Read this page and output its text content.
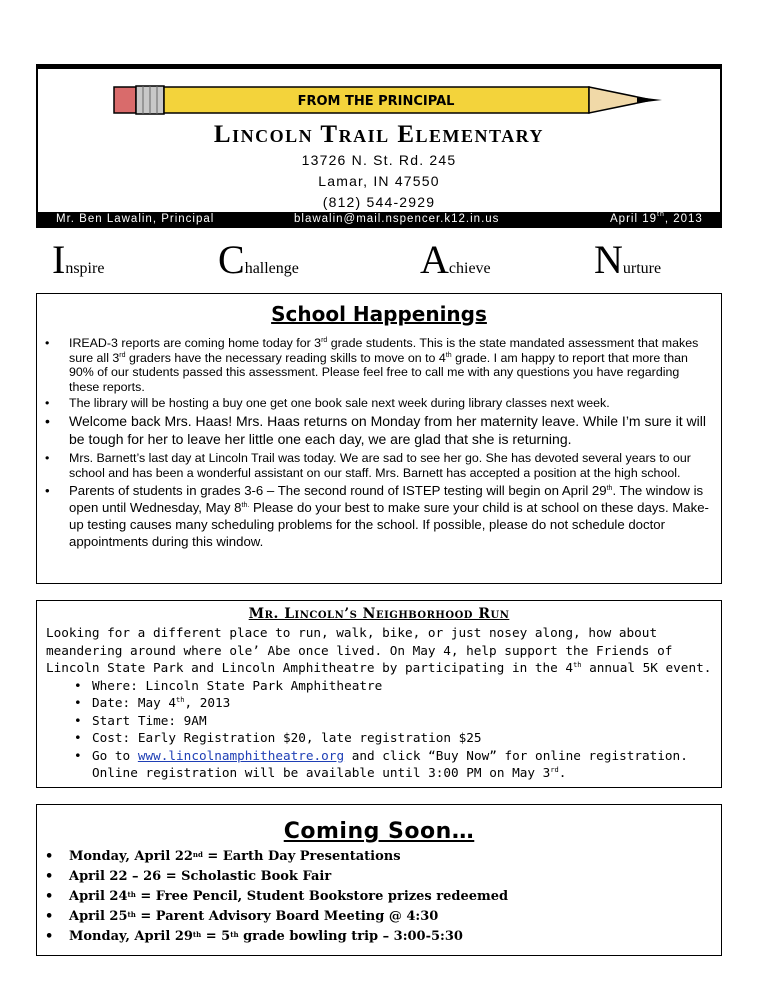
FROM THE PRINCIPAL
Lincoln Trail Elementary
13726 N. St. Rd. 245
Lamar, IN 47550
(812) 544-2929
Mr. Ben Lawalin, Principal	blawalin@mail.nspencer.k12.in.us	April 19th, 2013
Inspire	Challenge	Achieve	Nurture
School Happenings
• IREAD-3 reports are coming home today for 3rd grade students. This is the state mandated assessment that makes sure all 3rd graders have the necessary reading skills to move on to 4th grade. I am happy to report that more than 90% of our students passed this assessment. Please feel free to call me with any questions you have regarding these reports.
• The library will be hosting a buy one get one book sale next week during library classes next week.
• Welcome back Mrs. Haas! Mrs. Haas returns on Monday from her maternity leave. While I’m sure it will be tough for her to leave her little one each day, we are glad that she is returning.
• Mrs. Barnett’s last day at Lincoln Trail was today. We are sad to see her go. She has devoted several years to our school and has been a wonderful assistant on our staff. Mrs. Barnett has accepted a position at the high school.
• Parents of students in grades 3-6 – The second round of ISTEP testing will begin on April 29th. The window is open until Wednesday, May $8^{th.}$ Please do your best to make sure your child is at school on these days. Make-up testing causes many scheduling problems for the school. If possible, please do not schedule doctor appointments during this window.
Mr. Lincoln’s Neighborhood Run
Looking for a different place to run, walk, bike, or just nosey along, how about meandering around where ole’ Abe once lived. On May 4, help support the Friends of Lincoln State Park and Lincoln Amphitheatre by participating in the 4th annual 5K event.
• Where: Lincoln State Park Amphitheatre
• Date: May 4th, 2013
• Start Time: 9AM
• Cost: Early Registration $20, late registration $25
• Go to www.lincolnamphitheatre.org and click “Buy Now” for online registration.
Online registration will be available until 3:00 PM on May 3rd.
Coming Soon…
• Monday, April 22nd = Earth Day Presentations
• April 22 – 26 = Scholastic Book Fair
• April 24th = Free Pencil, Student Bookstore prizes redeemed
• April 25th = Parent Advisory Board Meeting @ 4:30
• Monday, April 29th = 5th grade bowling trip – 3:00-5:30
